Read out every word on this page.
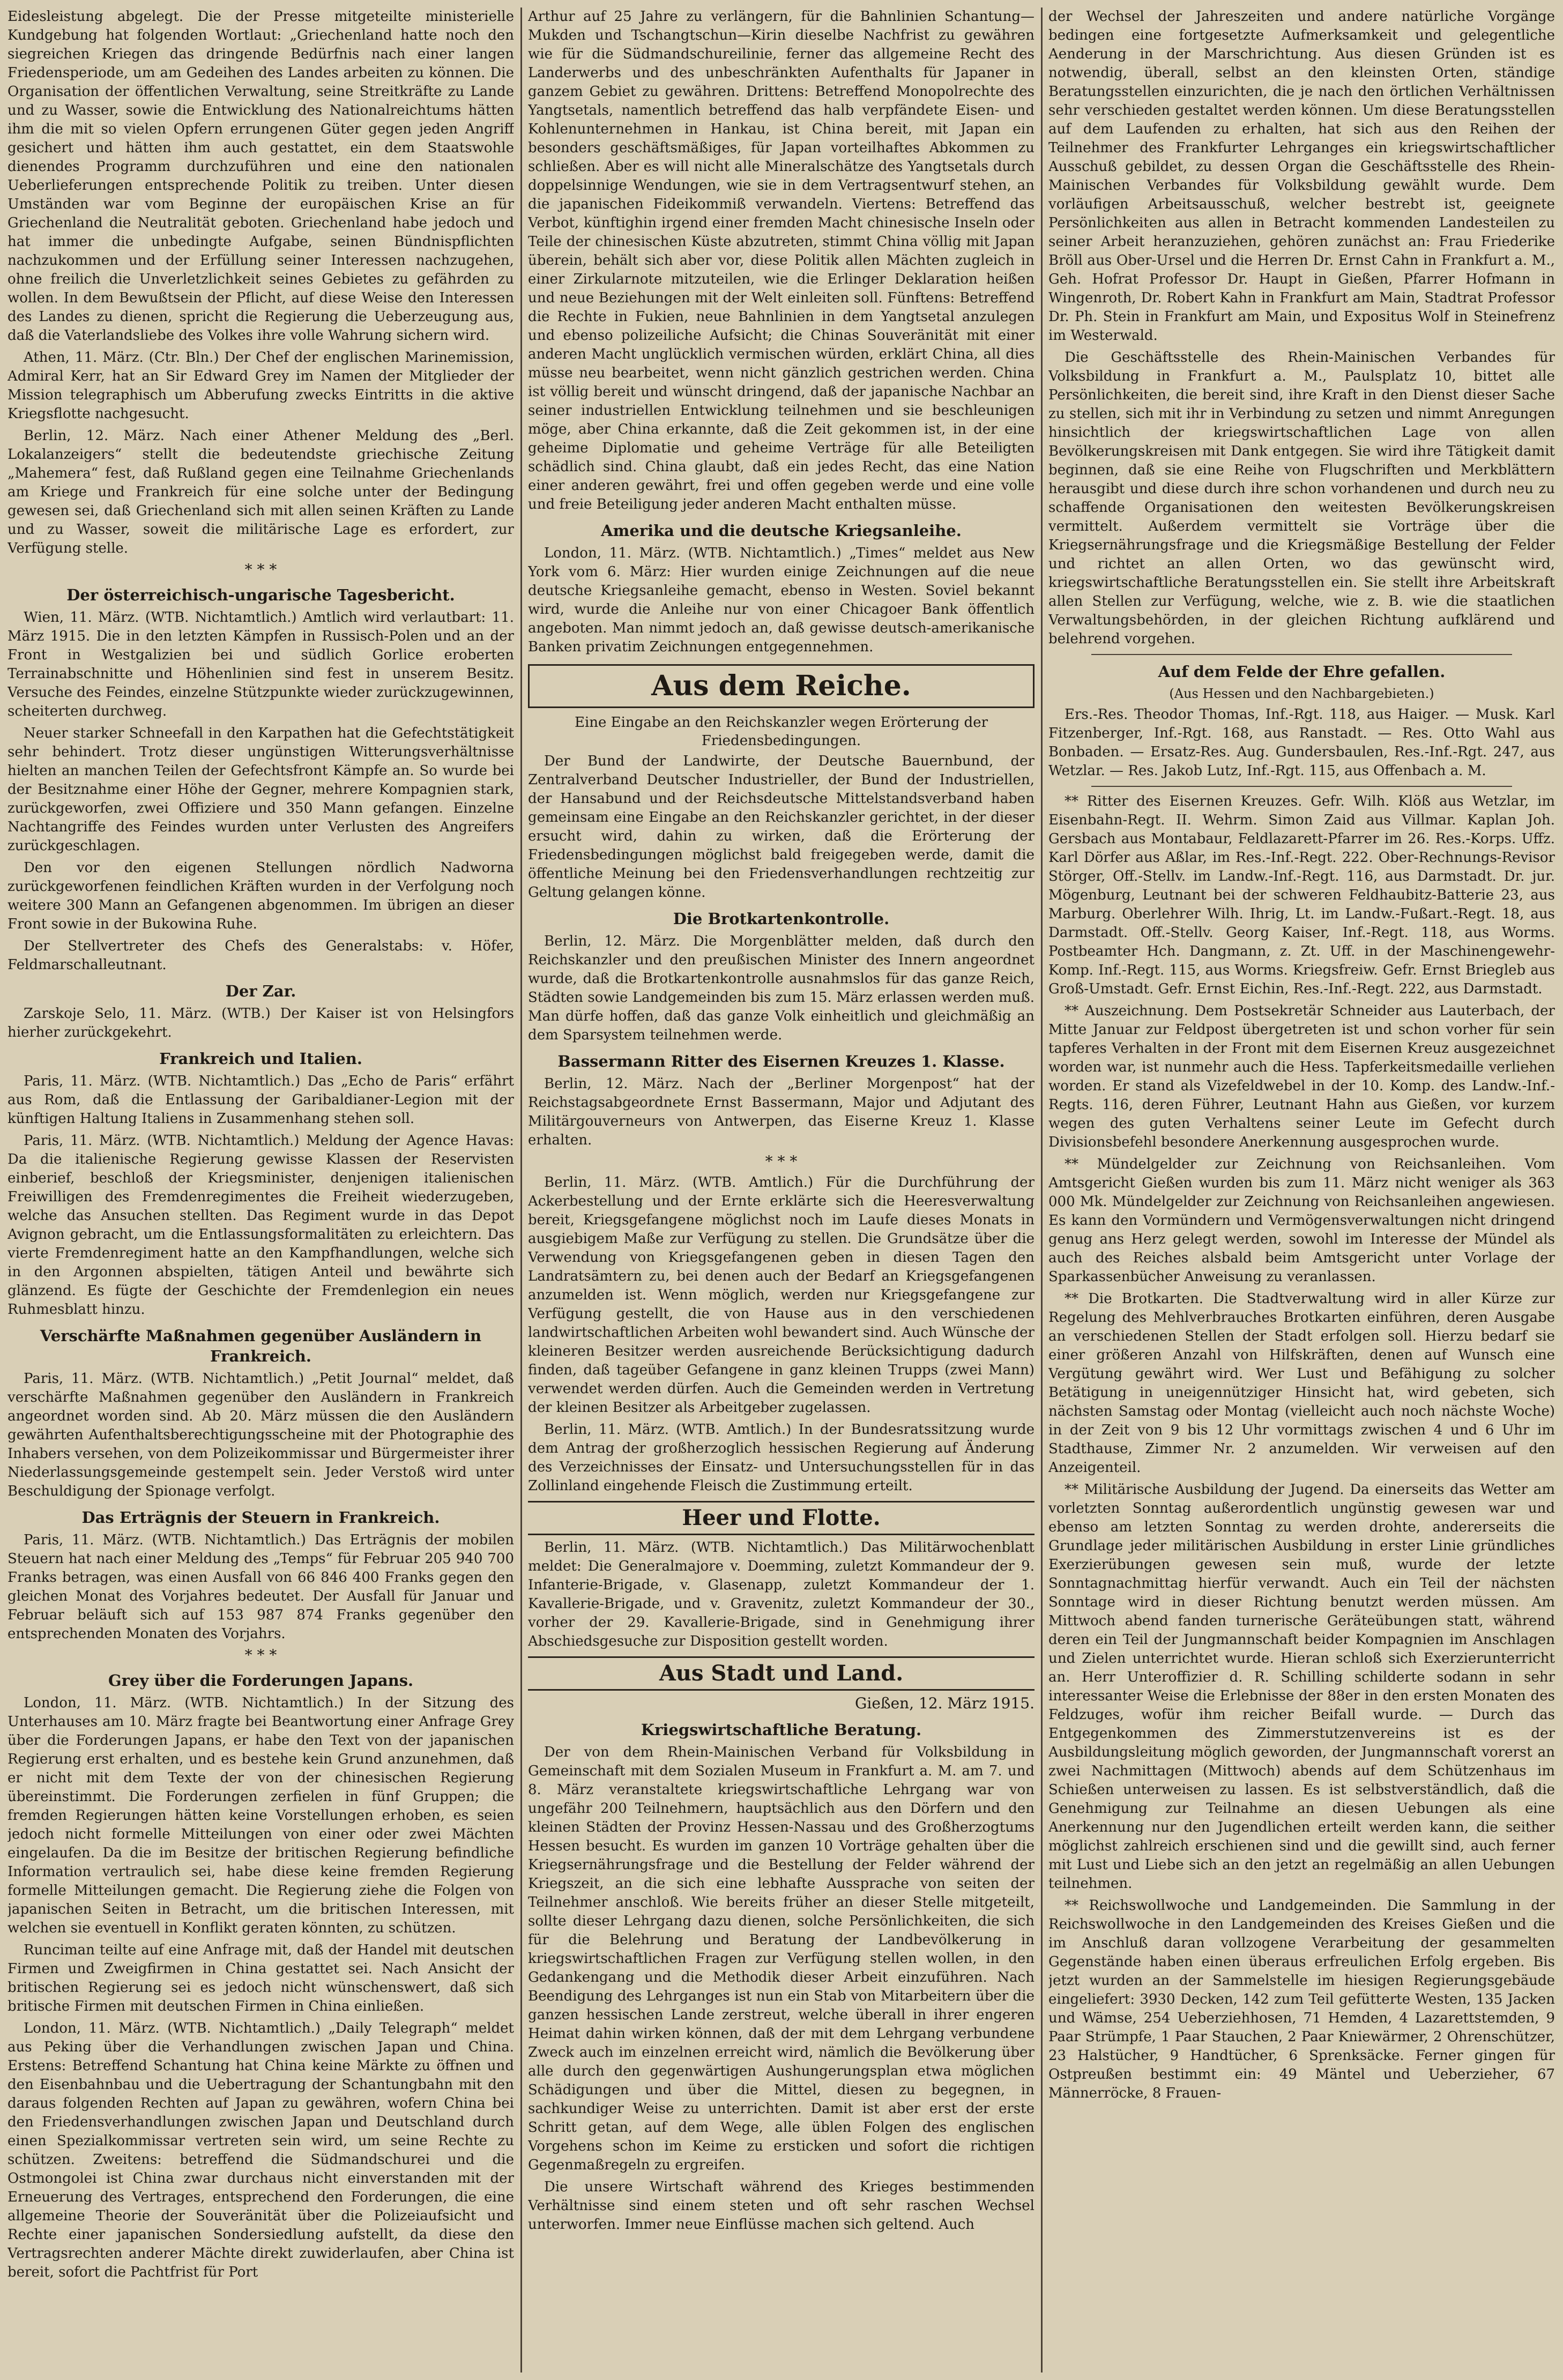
Eidesleistung abgelegt. Die der Presse mitgeteilte ministerielle Kundgebung hat folgenden Wortlaut: „Griechenland hatte noch den siegreichen Kriegen das dringende Bedürfnis nach einer langen Friedensperiode, um am Gedeihen des Landes arbeiten zu können. Die Organisation der öffentlichen Verwaltung, seine Streitkräfte zu Lande und zu Wasser, sowie die Entwicklung des Nationalreichtums hätten ihm die mit so vielen Opfern errungenen Güter gegen jeden Angriff gesichert und hätten ihm auch gestattet, ein dem Staatswohle dienendes Programm durchzuführen und eine den nationalen Ueberlieferungen entsprechende Politik zu treiben. Unter diesen Umständen war vom Beginne der europäischen Krise an für Griechenland die Neutralität geboten. Griechenland habe jedoch und hat immer die unbedingte Aufgabe, seinen Bündnispflichten nachzukommen und der Erfüllung seiner Interessen nachzugehen, ohne freilich die Unverletzlichkeit seines Gebietes zu gefährden zu wollen. In dem Bewußtsein der Pflicht, auf diese Weise den Interessen des Landes zu dienen, spricht die Regierung die Ueberzeugung aus, daß die Vaterlandsliebe des Volkes ihre volle Wahrung sichern wird.

Athen, 11. März. (Ctr. Bln.) Der Chef der englischen Marinemission, Admiral Kerr, hat an Sir Edward Grey im Namen der Mitglieder der Mission telegraphisch um Abberufung zwecks Eintritts in die aktive Kriegsflotte nachgesucht.

Berlin, 12. März. Nach einer Athener Meldung des „Berl. Lokalanzeigers“ stellt die bedeutendste griechische Zeitung „Mahemera“ fest, daß Rußland gegen eine Teilnahme Griechenlands am Kriege und Frankreich für eine solche unter der Bedingung gewesen sei, daß Griechenland sich mit allen seinen Kräften zu Lande und zu Wasser, soweit die militärische Lage es erfordert, zur Verfügung stelle.

* * *
Der österreichisch-ungarische Tagesbericht.

Wien, 11. März. (WTB. Nichtamtlich.) Amtlich wird verlautbart: 11. März 1915. Die in den letzten Kämpfen in Russisch-Polen und an der Front in Westgalizien bei und südlich Gorlice eroberten Terrainabschnitte und Höhenlinien sind fest in unserem Besitz. Versuche des Feindes, einzelne Stützpunkte wieder zurückzugewinnen, scheiterten durchweg.

Neuer starker Schneefall in den Karpathen hat die Gefechtstätigkeit sehr behindert. Trotz dieser ungünstigen Witterungsverhältnisse hielten an manchen Teilen der Gefechtsfront Kämpfe an. So wurde bei der Besitznahme einer Höhe der Gegner, mehrere Kompagnien stark, zurückgeworfen, zwei Offiziere und 350 Mann gefangen. Einzelne Nachtangriffe des Feindes wurden unter Verlusten des Angreifers zurückgeschlagen.

Den vor den eigenen Stellungen nördlich Nadworna zurückgeworfenen feindlichen Kräften wurden in der Verfolgung noch weitere 300 Mann an Gefangenen abgenommen. Im übrigen an dieser Front sowie in der Bukowina Ruhe.

Der Stellvertreter des Chefs des Generalstabs: v. Höfer, Feldmarschalleutnant.

Der Zar.

Zarskoje Selo, 11. März. (WTB.) Der Kaiser ist von Helsingfors hierher zurückgekehrt.

Frankreich und Italien.

Paris, 11. März. (WTB. Nichtamtlich.) Das „Echo de Paris“ erfährt aus Rom, daß die Entlassung der Garibaldianer-Legion mit der künftigen Haltung Italiens in Zusammenhang stehen soll.

Paris, 11. März. (WTB. Nichtamtlich.) Meldung der Agence Havas: Da die italienische Regierung gewisse Klassen der Reservisten einberief, beschloß der Kriegsminister, denjenigen italienischen Freiwilligen des Fremdenregimentes die Freiheit wiederzugeben, welche das Ansuchen stellten. Das Regiment wurde in das Depot Avignon gebracht, um die Entlassungsformalitäten zu erleichtern. Das vierte Fremdenregiment hatte an den Kampfhandlungen, welche sich in den Argonnen abspielten, tätigen Anteil und bewährte sich glänzend. Es fügte der Geschichte der Fremdenlegion ein neues Ruhmesblatt hinzu.

Verschärfte Maßnahmen gegenüber Ausländern in Frankreich.

Paris, 11. März. (WTB. Nichtamtlich.) „Petit Journal“ meldet, daß verschärfte Maßnahmen gegenüber den Ausländern in Frankreich angeordnet worden sind. Ab 20. März müssen die den Ausländern gewährten Aufenthaltsberechtigungsscheine mit der Photographie des Inhabers versehen, von dem Polizeikommissar und Bürgermeister ihrer Niederlassungsgemeinde gestempelt sein. Jeder Verstoß wird unter Beschuldigung der Spionage verfolgt.

Das Erträgnis der Steuern in Frankreich.

Paris, 11. März. (WTB. Nichtamtlich.) Das Erträgnis der mobilen Steuern hat nach einer Meldung des „Temps“ für Februar 205 940 700 Franks betragen, was einen Ausfall von 66 846 400 Franks gegen den gleichen Monat des Vorjahres bedeutet. Der Ausfall für Januar und Februar beläuft sich auf 153 987 874 Franks gegenüber den entsprechenden Monaten des Vorjahrs.

* * *
Grey über die Forderungen Japans.

London, 11. März. (WTB. Nichtamtlich.) In der Sitzung des Unterhauses am 10. März fragte bei Beantwortung einer Anfrage Grey über die Forderungen Japans, er habe den Text von der japanischen Regierung erst erhalten, und es bestehe kein Grund anzunehmen, daß er nicht mit dem Texte der von der chinesischen Regierung übereinstimmt. Die Forderungen zerfielen in fünf Gruppen; die fremden Regierungen hätten keine Vorstellungen erhoben, es seien jedoch nicht formelle Mitteilungen von einer oder zwei Mächten eingelaufen. Da die im Besitze der britischen Regierung befindliche Information vertraulich sei, habe diese keine fremden Regierung formelle Mitteilungen gemacht. Die Regierung ziehe die Folgen von japanischen Seiten in Betracht, um die britischen Interessen, mit welchen sie eventuell in Konflikt geraten könnten, zu schützen.

Runciman teilte auf eine Anfrage mit, daß der Handel mit deutschen Firmen und Zweigfirmen in China gestattet sei. Nach Ansicht der britischen Regierung sei es jedoch nicht wünschenswert, daß sich britische Firmen mit deutschen Firmen in China einließen.

London, 11. März. (WTB. Nichtamtlich.) „Daily Telegraph“ meldet aus Peking über die Verhandlungen zwischen Japan und China. Erstens: Betreffend Schantung hat China keine Märkte zu öffnen und den Eisenbahnbau und die Uebertragung der Schantungbahn mit den daraus folgenden Rechten auf Japan zu gewähren, wofern China bei den Friedensverhandlungen zwischen Japan und Deutschland durch einen Spezialkommissar vertreten sein wird, um seine Rechte zu schützen. Zweitens: betreffend die Südmandschurei und die Ostmongolei ist China zwar durchaus nicht einverstanden mit der Erneuerung des Vertrages, entsprechend den Forderungen, die eine allgemeine Theorie der Souveränität über die Polizeiaufsicht und Rechte einer japanischen Sondersiedlung aufstellt, da diese den Vertragsrechten anderer Mächte direkt zuwiderlaufen, aber China ist bereit, sofort die Pachtfrist für Port

Arthur auf 25 Jahre zu verlängern, für die Bahnlinien Schantung—Mukden und Tschangtschun—Kirin dieselbe Nachfrist zu gewähren wie für die Südmandschureilinie, ferner das allgemeine Recht des Landerwerbs und des unbeschränkten Aufenthalts für Japaner in ganzem Gebiet zu gewähren. Drittens: Betreffend Monopolrechte des Yangtsetals, namentlich betreffend das halb verpfändete Eisen- und Kohlenunternehmen in Hankau, ist China bereit, mit Japan ein besonders geschäftsmäßiges, für Japan vorteilhaftes Abkommen zu schließen. Aber es will nicht alle Mineralschätze des Yangtsetals durch doppelsinnige Wendungen, wie sie in dem Vertragsentwurf stehen, an die japanischen Fideikommiß verwandeln. Viertens: Betreffend das Verbot, künftighin irgend einer fremden Macht chinesische Inseln oder Teile der chinesischen Küste abzutreten, stimmt China völlig mit Japan überein, behält sich aber vor, diese Politik allen Mächten zugleich in einer Zirkularnote mitzuteilen, wie die Erlinger Deklaration heißen und neue Beziehungen mit der Welt einleiten soll. Fünftens: Betreffend die Rechte in Fukien, neue Bahnlinien in dem Yangtsetal anzulegen und ebenso polizeiliche Aufsicht; die Chinas Souveränität mit einer anderen Macht unglücklich vermischen würden, erklärt China, all dies müsse neu bearbeitet, wenn nicht gänzlich gestrichen werden. China ist völlig bereit und wünscht dringend, daß der japanische Nachbar an seiner industriellen Entwicklung teilnehmen und sie beschleunigen möge, aber China erkannte, daß die Zeit gekommen ist, in der eine geheime Diplomatie und geheime Verträge für alle Beteiligten schädlich sind. China glaubt, daß ein jedes Recht, das eine Nation einer anderen gewährt, frei und offen gegeben werde und eine volle und freie Beteiligung jeder anderen Macht enthalten müsse.

Amerika und die deutsche Kriegsanleihe.

London, 11. März. (WTB. Nichtamtlich.) „Times“ meldet aus New York vom 6. März: Hier wurden einige Zeichnungen auf die neue deutsche Kriegsanleihe gemacht, ebenso in Westen. Soviel bekannt wird, wurde die Anleihe nur von einer Chicagoer Bank öffentlich angeboten. Man nimmt jedoch an, daß gewisse deutsch-amerikanische Banken privatim Zeichnungen entgegennehmen.

Aus dem Reiche.
Eine Eingabe an den Reichskanzler wegen Erörterung der Friedensbedingungen.

Der Bund der Landwirte, der Deutsche Bauernbund, der Zentralverband Deutscher Industrieller, der Bund der Industriellen, der Hansabund und der Reichsdeutsche Mittelstandsverband haben gemeinsam eine Eingabe an den Reichskanzler gerichtet, in der dieser ersucht wird, dahin zu wirken, daß die Erörterung der Friedensbedingungen möglichst bald freigegeben werde, damit die öffentliche Meinung bei den Friedensverhandlungen rechtzeitig zur Geltung gelangen könne.

Die Brotkartenkontrolle.

Berlin, 12. März. Die Morgenblätter melden, daß durch den Reichskanzler und den preußischen Minister des Innern angeordnet wurde, daß die Brotkartenkontrolle ausnahmslos für das ganze Reich, Städten sowie Landgemeinden bis zum 15. März erlassen werden muß. Man dürfe hoffen, daß das ganze Volk einheitlich und gleichmäßig an dem Sparsystem teilnehmen werde.

Bassermann Ritter des Eisernen Kreuzes 1. Klasse.

Berlin, 12. März. Nach der „Berliner Morgenpost“ hat der Reichstagsabgeordnete Ernst Bassermann, Major und Adjutant des Militärgouverneurs von Antwerpen, das Eiserne Kreuz 1. Klasse erhalten.

* * *

Berlin, 11. März. (WTB. Amtlich.) Für die Durchführung der Ackerbestellung und der Ernte erklärte sich die Heeresverwaltung bereit, Kriegsgefangene möglichst noch im Laufe dieses Monats in ausgiebigem Maße zur Verfügung zu stellen. Die Grundsätze über die Verwendung von Kriegsgefangenen geben in diesen Tagen den Landratsämtern zu, bei denen auch der Bedarf an Kriegsgefangenen anzumelden ist. Wenn möglich, werden nur Kriegsgefangene zur Verfügung gestellt, die von Hause aus in den verschiedenen landwirtschaftlichen Arbeiten wohl bewandert sind. Auch Wünsche der kleineren Besitzer werden ausreichende Berücksichtigung dadurch finden, daß tageüber Gefangene in ganz kleinen Trupps (zwei Mann) verwendet werden dürfen. Auch die Gemeinden werden in Vertretung der kleinen Besitzer als Arbeitgeber zugelassen.

Berlin, 11. März. (WTB. Amtlich.) In der Bundesratssitzung wurde dem Antrag der großherzoglich hessischen Regierung auf Änderung des Verzeichnisses der Einsatz- und Untersuchungsstellen für in das Zollinland eingehende Fleisch die Zustimmung erteilt.

Heer und Flotte.

Berlin, 11. März. (WTB. Nichtamtlich.) Das Militärwochenblatt meldet: Die Generalmajore v. Doemming, zuletzt Kommandeur der 9. Infanterie-Brigade, v. Glasenapp, zuletzt Kommandeur der 1. Kavallerie-Brigade, und v. Gravenitz, zuletzt Kommandeur der 30., vorher der 29. Kavallerie-Brigade, sind in Genehmigung ihrer Abschiedsgesuche zur Disposition gestellt worden.

Aus Stadt und Land.
Gießen, 12. März 1915.
Kriegswirtschaftliche Beratung.

Der von dem Rhein-Mainischen Verband für Volksbildung in Gemeinschaft mit dem Sozialen Museum in Frankfurt a. M. am 7. und 8. März veranstaltete kriegswirtschaftliche Lehrgang war von ungefähr 200 Teilnehmern, hauptsächlich aus den Dörfern und den kleinen Städten der Provinz Hessen-Nassau und des Großherzogtums Hessen besucht. Es wurden im ganzen 10 Vorträge gehalten über die Kriegsernährungsfrage und die Bestellung der Felder während der Kriegszeit, an die sich eine lebhafte Aussprache von seiten der Teilnehmer anschloß. Wie bereits früher an dieser Stelle mitgeteilt, sollte dieser Lehrgang dazu dienen, solche Persönlichkeiten, die sich für die Belehrung und Beratung der Landbevölkerung in kriegswirtschaftlichen Fragen zur Verfügung stellen wollen, in den Gedankengang und die Methodik dieser Arbeit einzuführen. Nach Beendigung des Lehrganges ist nun ein Stab von Mitarbeitern über die ganzen hessischen Lande zerstreut, welche überall in ihrer engeren Heimat dahin wirken können, daß der mit dem Lehrgang verbundene Zweck auch im einzelnen erreicht wird, nämlich die Bevölkerung über alle durch den gegenwärtigen Aushungerungsplan etwa möglichen Schädigungen und über die Mittel, diesen zu begegnen, in sachkundiger Weise zu unterrichten. Damit ist aber erst der erste Schritt getan, auf dem Wege, alle üblen Folgen des englischen Vorgehens schon im Keime zu ersticken und sofort die richtigen Gegenmaßregeln zu ergreifen.

Die unsere Wirtschaft während des Krieges bestimmenden Verhältnisse sind einem steten und oft sehr raschen Wechsel unterworfen. Immer neue Einflüsse machen sich geltend. Auch

der Wechsel der Jahreszeiten und andere natürliche Vorgänge bedingen eine fortgesetzte Aufmerksamkeit und gelegentliche Aenderung in der Marschrichtung. Aus diesen Gründen ist es notwendig, überall, selbst an den kleinsten Orten, ständige Beratungsstellen einzurichten, die je nach den örtlichen Verhältnissen sehr verschieden gestaltet werden können. Um diese Beratungsstellen auf dem Laufenden zu erhalten, hat sich aus den Reihen der Teilnehmer des Frankfurter Lehrganges ein kriegswirtschaftlicher Ausschuß gebildet, zu dessen Organ die Geschäftsstelle des Rhein-Mainischen Verbandes für Volksbildung gewählt wurde. Dem vorläufigen Arbeitsausschuß, welcher bestrebt ist, geeignete Persönlichkeiten aus allen in Betracht kommenden Landesteilen zu seiner Arbeit heranzuziehen, gehören zunächst an: Frau Friederike Bröll aus Ober-Ursel und die Herren Dr. Ernst Cahn in Frankfurt a. M., Geh. Hofrat Professor Dr. Haupt in Gießen, Pfarrer Hofmann in Wingenroth, Dr. Robert Kahn in Frankfurt am Main, Stadtrat Professor Dr. Ph. Stein in Frankfurt am Main, und Expositus Wolf in Steinefrenz im Westerwald.

Die Geschäftsstelle des Rhein-Mainischen Verbandes für Volksbildung in Frankfurt a. M., Paulsplatz 10, bittet alle Persönlichkeiten, die bereit sind, ihre Kraft in den Dienst dieser Sache zu stellen, sich mit ihr in Verbindung zu setzen und nimmt Anregungen hinsichtlich der kriegswirtschaftlichen Lage von allen Bevölkerungskreisen mit Dank entgegen. Sie wird ihre Tätigkeit damit beginnen, daß sie eine Reihe von Flugschriften und Merkblättern herausgibt und diese durch ihre schon vorhandenen und durch neu zu schaffende Organisationen den weitesten Bevölkerungskreisen vermittelt. Außerdem vermittelt sie Vorträge über die Kriegsernährungsfrage und die Kriegsmäßige Bestellung der Felder und richtet an allen Orten, wo das gewünscht wird, kriegswirtschaftliche Beratungsstellen ein. Sie stellt ihre Arbeitskraft allen Stellen zur Verfügung, welche, wie z. B. wie die staatlichen Verwaltungsbehörden, in der gleichen Richtung aufklärend und belehrend vorgehen.

Auf dem Felde der Ehre gefallen.
(Aus Hessen und den Nachbargebieten.)

Ers.-Res. Theodor Thomas, Inf.-Rgt. 118, aus Haiger. — Musk. Karl Fitzenberger, Inf.-Rgt. 168, aus Ranstadt. — Res. Otto Wahl aus Bonbaden. — Ersatz-Res. Aug. Gundersbaulen, Res.-Inf.-Rgt. 247, aus Wetzlar. — Res. Jakob Lutz, Inf.-Rgt. 115, aus Offenbach a. M.

** Ritter des Eisernen Kreuzes. Gefr. Wilh. Klöß aus Wetzlar, im Eisenbahn-Regt. II. Wehrm. Simon Zaid aus Villmar. Kaplan Joh. Gersbach aus Montabaur, Feldlazarett-Pfarrer im 26. Res.-Korps. Uffz. Karl Dörfer aus Aßlar, im Res.-Inf.-Regt. 222. Ober-Rechnungs-Revisor Störger, Off.-Stellv. im Landw.-Inf.-Regt. 116, aus Darmstadt. Dr. jur. Mögenburg, Leutnant bei der schweren Feldhaubitz-Batterie 23, aus Marburg. Oberlehrer Wilh. Ihrig, Lt. im Landw.-Fußart.-Regt. 18, aus Darmstadt. Off.-Stellv. Georg Kaiser, Inf.-Regt. 118, aus Worms. Postbeamter Hch. Dangmann, z. Zt. Uff. in der Maschinengewehr-Komp. Inf.-Regt. 115, aus Worms. Kriegsfreiw. Gefr. Ernst Briegleb aus Groß-Umstadt. Gefr. Ernst Eichin, Res.-Inf.-Regt. 222, aus Darmstadt.

** Auszeichnung. Dem Postsekretär Schneider aus Lauterbach, der Mitte Januar zur Feldpost übergetreten ist und schon vorher für sein tapferes Verhalten in der Front mit dem Eisernen Kreuz ausgezeichnet worden war, ist nunmehr auch die Hess. Tapferkeitsmedaille verliehen worden. Er stand als Vizefeldwebel in der 10. Komp. des Landw.-Inf.-Regts. 116, deren Führer, Leutnant Hahn aus Gießen, vor kurzem wegen des guten Verhaltens seiner Leute im Gefecht durch Divisionsbefehl besondere Anerkennung ausgesprochen wurde.

** Mündelgelder zur Zeichnung von Reichsanleihen. Vom Amtsgericht Gießen wurden bis zum 11. März nicht weniger als 363 000 Mk. Mündelgelder zur Zeichnung von Reichsanleihen angewiesen. Es kann den Vormündern und Vermögensverwaltungen nicht dringend genug ans Herz gelegt werden, sowohl im Interesse der Mündel als auch des Reiches alsbald beim Amtsgericht unter Vorlage der Sparkassenbücher Anweisung zu veranlassen.

** Die Brotkarten. Die Stadtverwaltung wird in aller Kürze zur Regelung des Mehlverbrauches Brotkarten einführen, deren Ausgabe an verschiedenen Stellen der Stadt erfolgen soll. Hierzu bedarf sie einer größeren Anzahl von Hilfskräften, denen auf Wunsch eine Vergütung gewährt wird. Wer Lust und Befähigung zu solcher Betätigung in uneigennütziger Hinsicht hat, wird gebeten, sich nächsten Samstag oder Montag (vielleicht auch noch nächste Woche) in der Zeit von 9 bis 12 Uhr vormittags zwischen 4 und 6 Uhr im Stadthause, Zimmer Nr. 2 anzumelden. Wir verweisen auf den Anzeigenteil.

** Militärische Ausbildung der Jugend. Da einerseits das Wetter am vorletzten Sonntag außerordentlich ungünstig gewesen war und ebenso am letzten Sonntag zu werden drohte, andererseits die Grundlage jeder militärischen Ausbildung in erster Linie gründliches Exerzierübungen gewesen sein muß, wurde der letzte Sonntagnachmittag hierfür verwandt. Auch ein Teil der nächsten Sonntage wird in dieser Richtung benutzt werden müssen. Am Mittwoch abend fanden turnerische Geräteübungen statt, während deren ein Teil der Jungmannschaft beider Kompagnien im Anschlagen und Zielen unterrichtet wurde. Hieran schloß sich Exerzierunterricht an. Herr Unteroffizier d. R. Schilling schilderte sodann in sehr interessanter Weise die Erlebnisse der 88er in den ersten Monaten des Feldzuges, wofür ihm reicher Beifall wurde. — Durch das Entgegenkommen des Zimmerstutzenvereins ist es der Ausbildungsleitung möglich geworden, der Jungmannschaft vorerst an zwei Nachmittagen (Mittwoch) abends auf dem Schützenhaus im Schießen unterweisen zu lassen. Es ist selbstverständlich, daß die Genehmigung zur Teilnahme an diesen Uebungen als eine Anerkennung nur den Jugendlichen erteilt werden kann, die seither möglichst zahlreich erschienen sind und die gewillt sind, auch ferner mit Lust und Liebe sich an den jetzt an regelmäßig an allen Uebungen teilnehmen.

** Reichswollwoche und Landgemeinden. Die Sammlung in der Reichswollwoche in den Landgemeinden des Kreises Gießen und die im Anschluß daran vollzogene Verarbeitung der gesammelten Gegenstände haben einen überaus erfreulichen Erfolg ergeben. Bis jetzt wurden an der Sammelstelle im hiesigen Regierungsgebäude eingeliefert: 3930 Decken, 142 zum Teil gefütterte Westen, 135 Jacken und Wämse, 254 Ueberziehhosen, 71 Hemden, 4 Lazarettstemden, 9 Paar Strümpfe, 1 Paar Stauchen, 2 Paar Kniewärmer, 2 Ohrenschützer, 23 Halstücher, 9 Handtücher, 6 Sprenksäcke. Ferner gingen für Ostpreußen bestimmt ein: 49 Mäntel und Ueberzieher, 67 Männerröcke, 8 Frauen-
